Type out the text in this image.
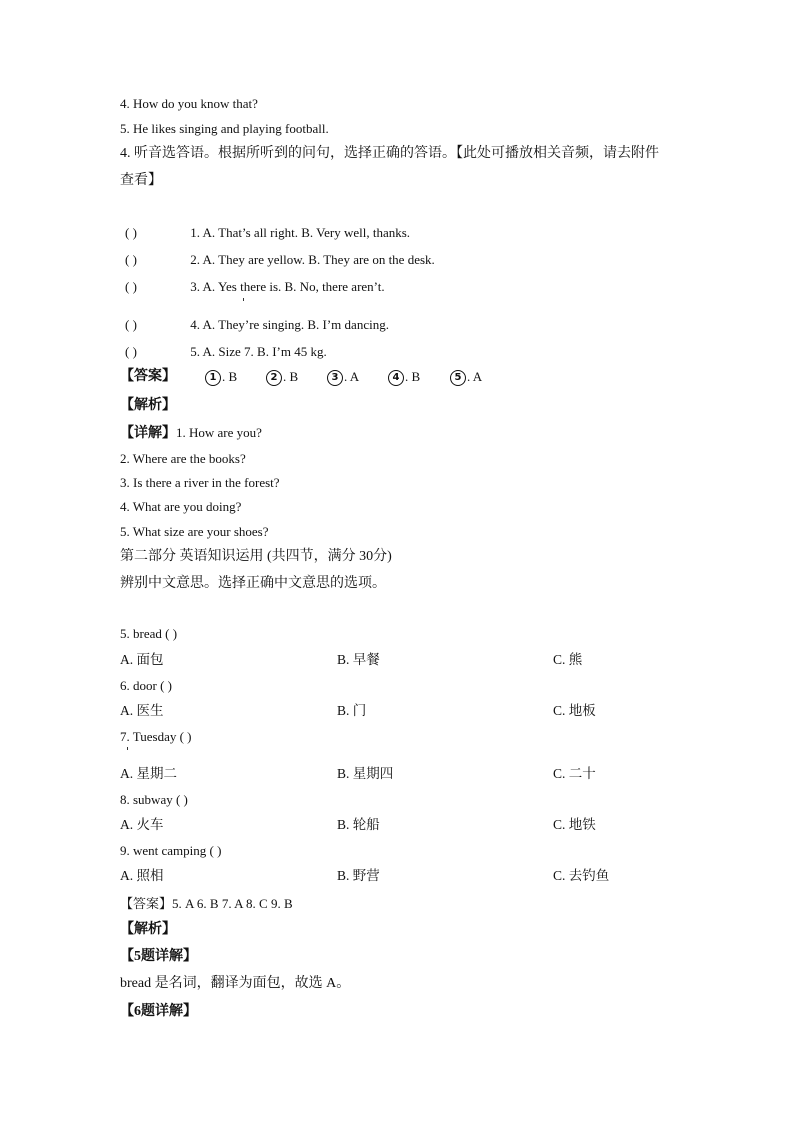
4. How do you know that?
5. He likes singing and playing football.
4. 听音选答语。根据所听到的问句，选择正确的答语。【此处可播放相关音频，请去附件
查看】
( )	1. A. That’s all right. B. Very well, thanks.
( )	2. A. They are yellow. B. They are on the desk.
( )	3. A. Yes there is. B. No, there aren’t.
( )	4. A. They’re singing. B. I’m dancing.
( )	5. A. Size 7. B. I’m 45 kg.
【答案】	1 . B	2 . B	3 . A	4 . B	5 . A
【解析】
【详解】1. How are you?
2. Where are the books?
3. Is there a river in the forest?
4. What are you doing?
5. What size are your shoes?
第二部分 英语知识运用 (共四节，满分 30分)
辨别中文意思。选择正确中文意思的选项。
5. bread ( )
A. 面包	B. 早餐	C. 熊
6. door ( )
A. 医生	B. 门	C. 地板
7. Tuesday ( )
A. 星期二	B. 星期四	C. 二十
8. subway ( )
A. 火车	B. 轮船	C. 地铁
9. went camping ( )
A. 照相	B. 野营	C. 去钓鱼
【答案】5. A 6. B 7. A 8. C 9. B
【解析】
【5题详解】
bread 是名词，翻译为面包，故选 A。
【6题详解】
